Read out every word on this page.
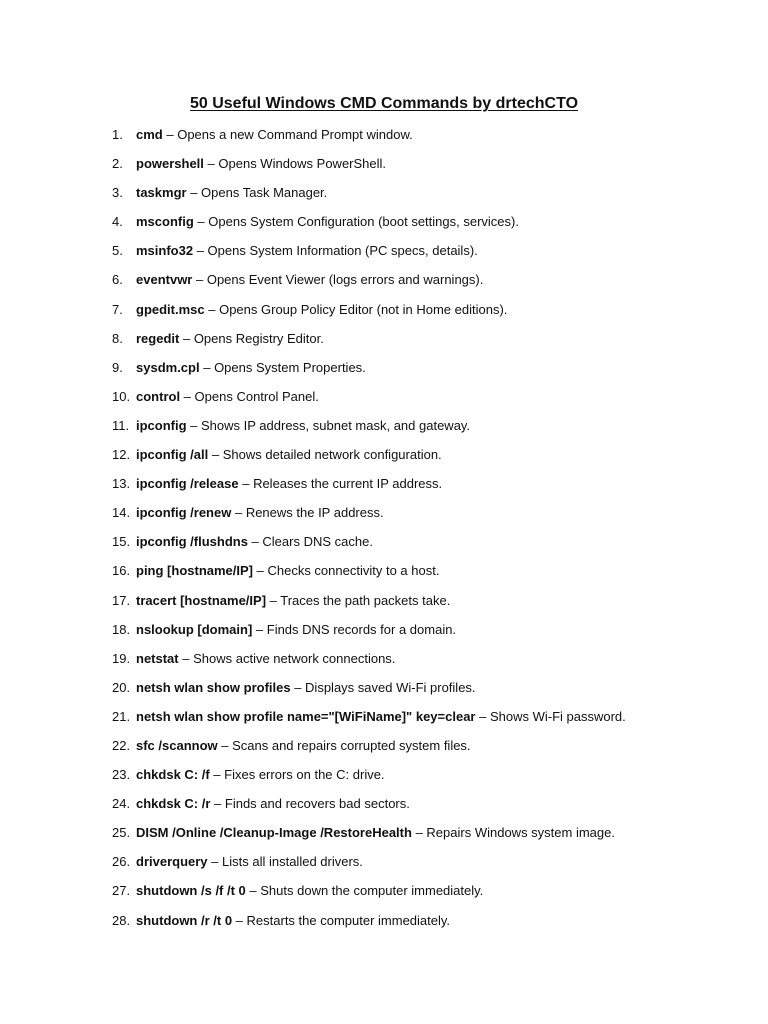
50 Useful Windows CMD Commands by drtechCTO
1.	cmd – Opens a new Command Prompt window.
2.	powershell – Opens Windows PowerShell.
3.	taskmgr – Opens Task Manager.
4.	msconfig – Opens System Configuration (boot settings, services).
5.	msinfo32 – Opens System Information (PC specs, details).
6.	eventvwr – Opens Event Viewer (logs errors and warnings).
7.	gpedit.msc – Opens Group Policy Editor (not in Home editions).
8.	regedit – Opens Registry Editor.
9.	sysdm.cpl – Opens System Properties.
10. control – Opens Control Panel.
11. ipconfig – Shows IP address, subnet mask, and gateway.
12. ipconfig /all – Shows detailed network configuration.
13. ipconfig /release – Releases the current IP address.
14. ipconfig /renew – Renews the IP address.
15. ipconfig /flushdns – Clears DNS cache.
16. ping [hostname/IP] – Checks connectivity to a host.
17. tracert [hostname/IP] – Traces the path packets take.
18. nslookup [domain] – Finds DNS records for a domain.
19. netstat – Shows active network connections.
20. netsh wlan show profiles – Displays saved Wi-Fi profiles.
21. netsh wlan show profile name="[WiFiName]" key=clear – Shows Wi-Fi password.
22. sfc /scannow – Scans and repairs corrupted system files.
23. chkdsk C: /f – Fixes errors on the C: drive.
24. chkdsk C: /r – Finds and recovers bad sectors.
25. DISM /Online /Cleanup-Image /RestoreHealth – Repairs Windows system image.
26. driverquery – Lists all installed drivers.
27. shutdown /s /f /t 0 – Shuts down the computer immediately.
28. shutdown /r /t 0 – Restarts the computer immediately.
